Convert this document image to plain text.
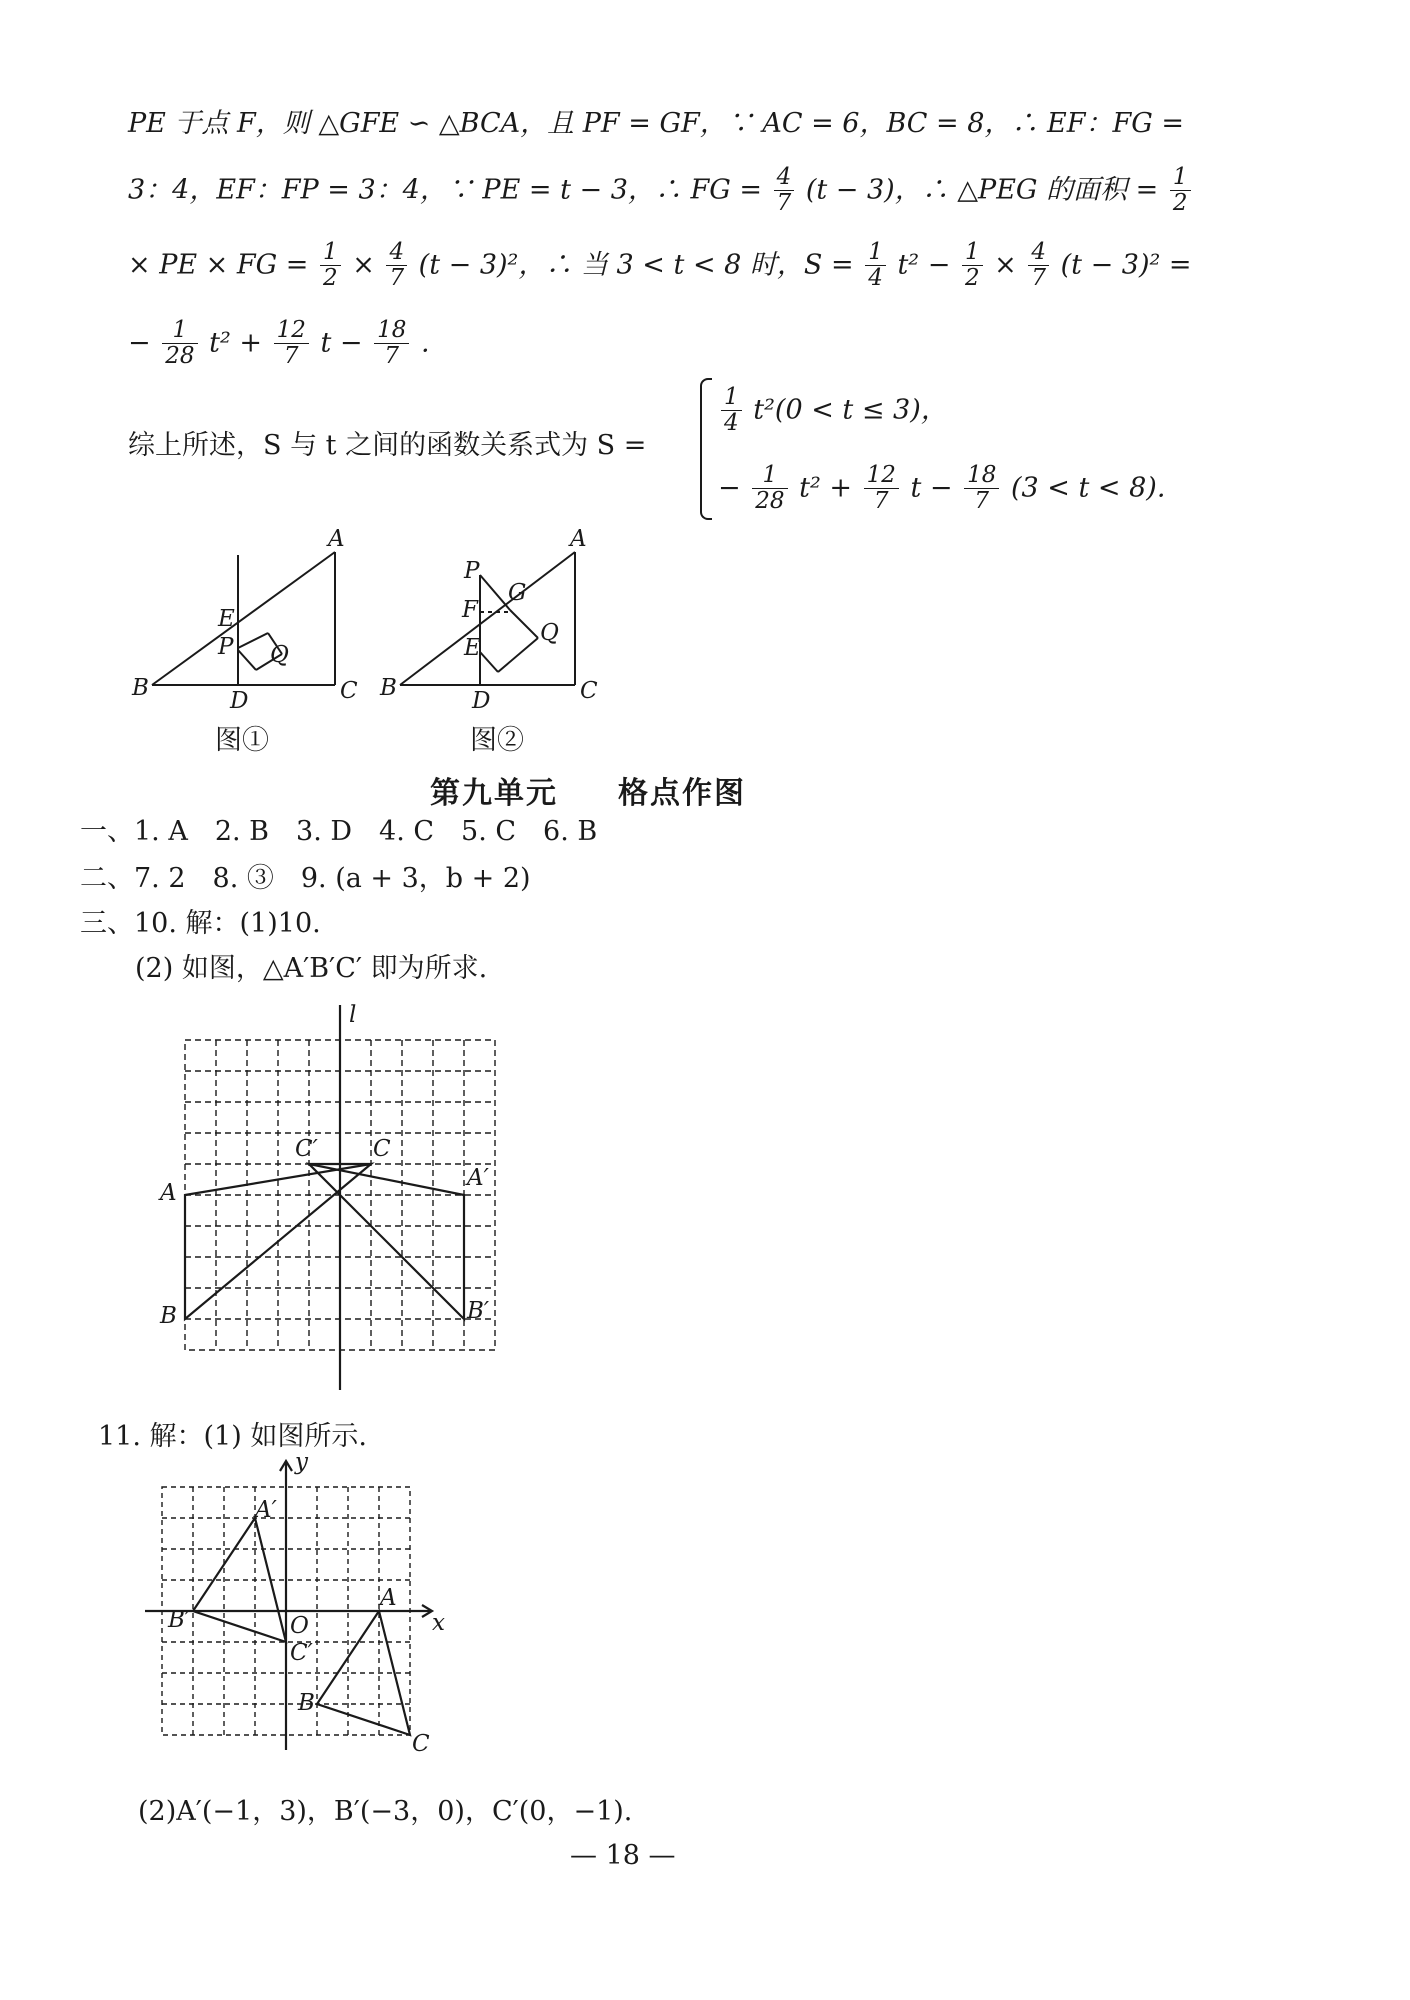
PE 于点 F，则 △GFE ∽ △BCA，且 PF = GF，∵ AC = 6，BC = 8，∴ EF：FG =
3：4，EF：FP = 3：4，∵ PE = t − 3，∴ FG = $\frac{4}{7} (t - 3)$，∴ △PEG 的面积 = $\frac{1}{2}$
× PE × FG = $\frac{1}{2} \times \frac{4}{7} (t - 3)^2$，∴ 当 3 < t < 8 时，$S = \frac{1}{4} t^2 - \frac{1}{2} \times \frac{4}{7} (t - 3)^2$ =
− $\frac{1}{28} t^2 + \frac{12}{7}$ $t - \frac{18}{7}$ .
综上所述，S 与 t 之间的函数关系式为 S =
$\frac{1}{4} t^2(0 < t \le 3)$，
− $\frac{1}{28} t^2 + \frac{12}{7}$ $t - \frac{18}{7} (3 < t < 8)$.
A
B	C
D
E
P Q
图①
A
B	C
D
E
F
G
P
Q
图②
第九单元 格点作图
一、1. A　2. B　3. D　4. C　5. C　6. B
二、7. 2　8. ③　9. (a + 3，b + 2)
三、10. 解：(1)10.
(2) 如图，△A′B′C′ 即为所求.
l
A
B
C
C′
A′
B′
11. 解：(1) 如图所示.
x
y
O
A′
B′
C′
A
B
C
(2)A′(−1，3)，B′(−3，0)，C′(0，−1).
— 18 —
